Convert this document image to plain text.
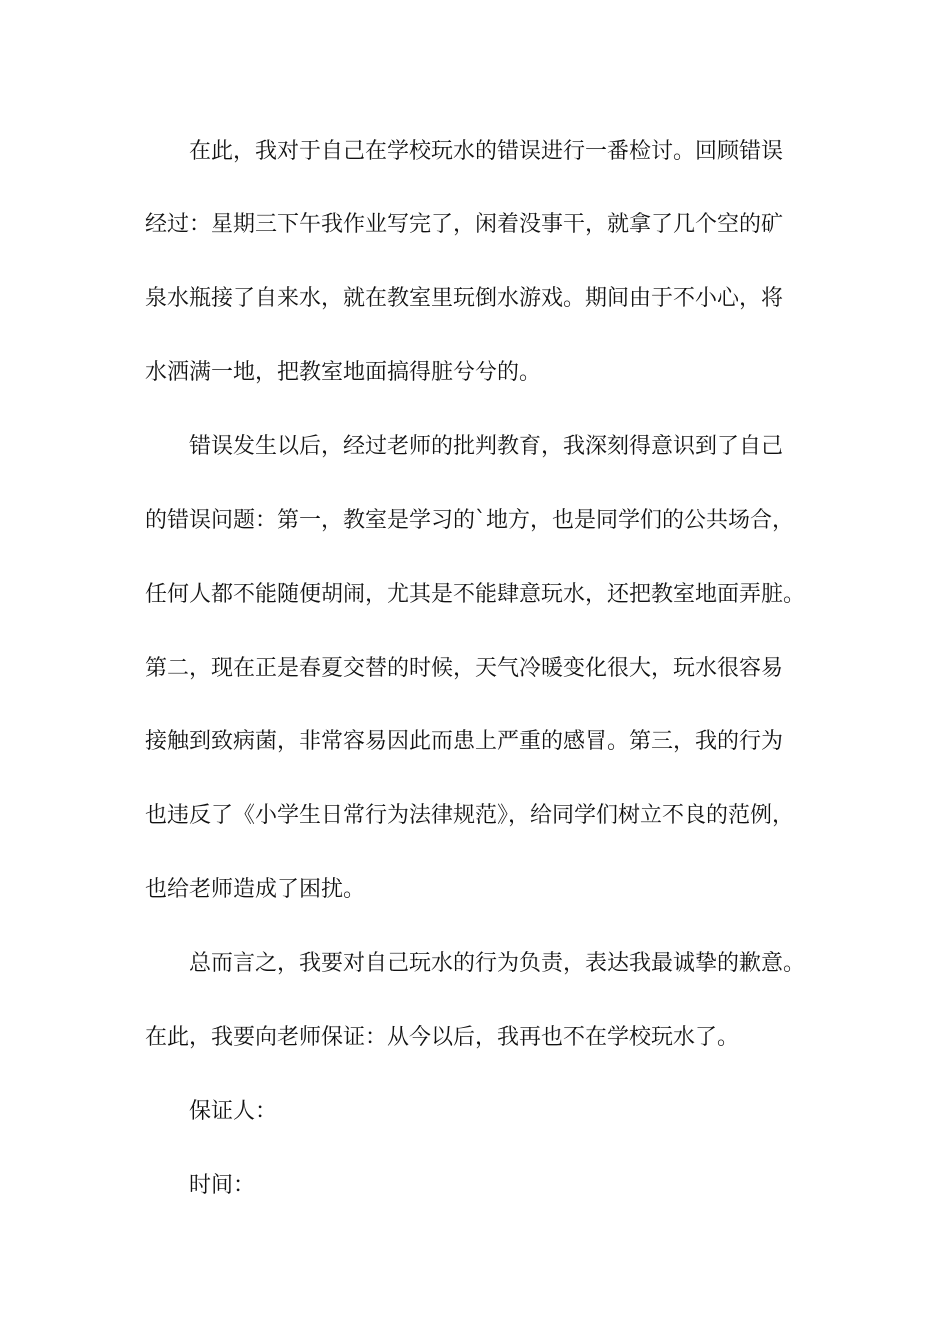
在此，我对于自己在学校玩水的错误进行一番检讨。回顾错误

经过：星期三下午我作业写完了，闲着没事干，就拿了几个空的矿

泉水瓶接了自来水，就在教室里玩倒水游戏。期间由于不小心，将

水洒满一地，把教室地面搞得脏兮兮的。

错误发生以后，经过老师的批判教育，我深刻得意识到了自己

的错误问题：第一，教室是学习的`地方，也是同学们的公共场合，

任何人都不能随便胡闹，尤其是不能肆意玩水，还把教室地面弄脏。

第二，现在正是春夏交替的时候，天气冷暖变化很大，玩水很容易

接触到致病菌，非常容易因此而患上严重的感冒。第三，我的行为

也违反了《小学生日常行为法律规范》，给同学们树立不良的范例，

也给老师造成了困扰。

总而言之，我要对自己玩水的行为负责，表达我最诚挚的歉意。

在此，我要向老师保证：从今以后，我再也不在学校玩水了。

保证人：

时间：
